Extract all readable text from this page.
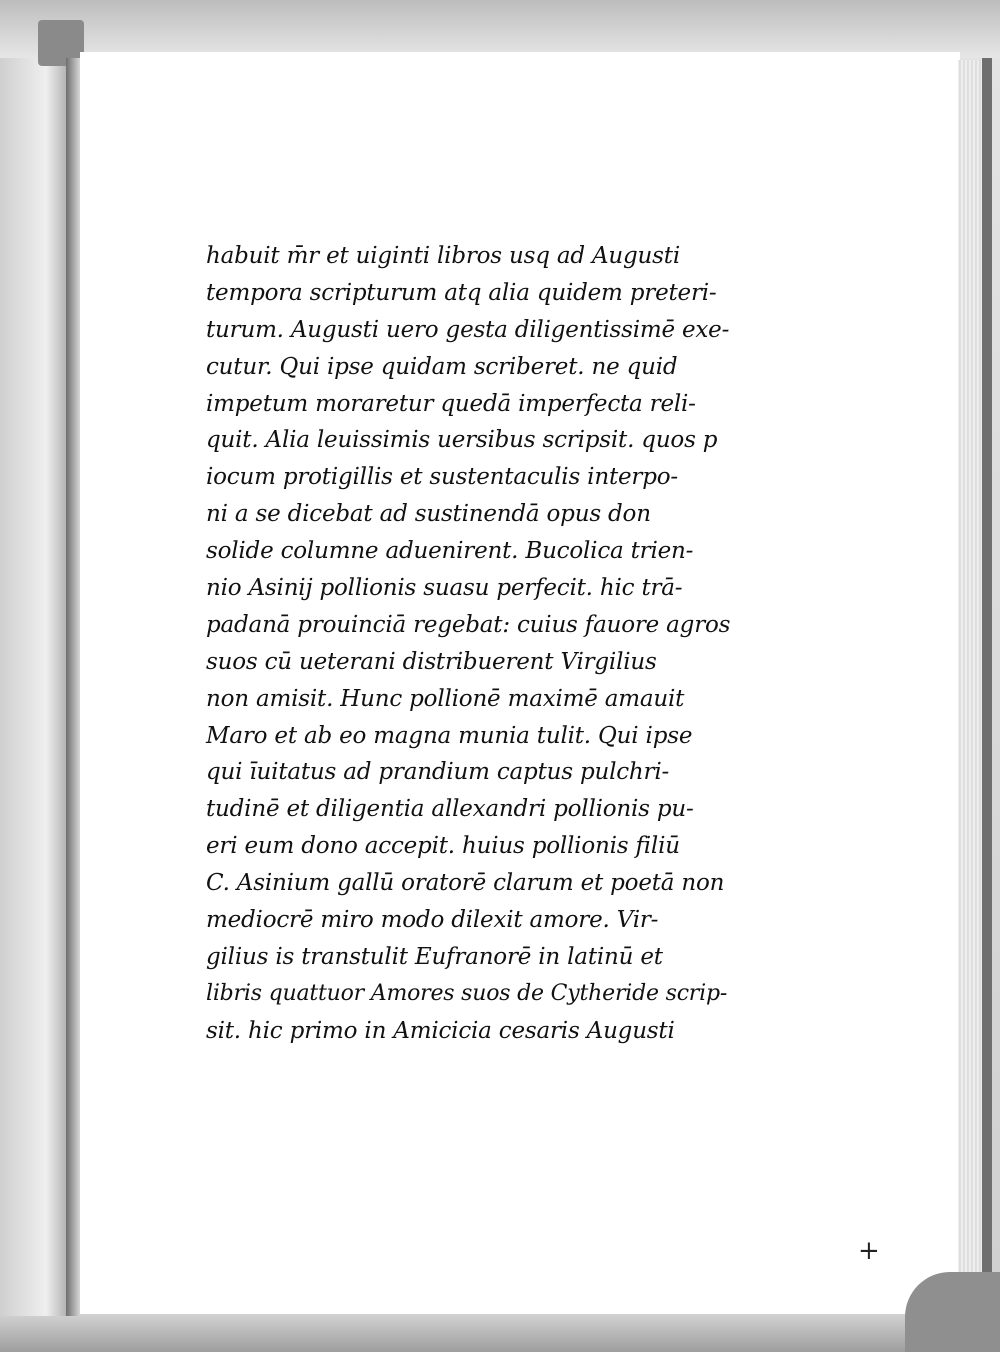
habuit m̄r et uiginti libros usq ad Augusti
tempora scripturum atq alia quidem preteri-
turum. Augusti uero gesta diligentissimē exe-
cutur. Qui ipse quidam scriberet. ne quid
impetum moraretur quedā imperfecta reli-
quit. Alia leuissimis uersibus scripsit. quos p
iocum protigillis et sustentaculis interpo-
ni a se dicebat ad sustinendā opus don
solide columne aduenirent. Bucolica trien-
nio Asinij pollionis suasu perfecit. hic trā-
padanā prouinciā regebat: cuius fauore agros
suos cū ueterani distribuerent Virgilius
non amisit. Hunc pollionē maximē amauit
Maro et ab eo magna munia tulit. Qui ipse
qui īuitatus ad prandium captus pulchri-
tudinē et diligentia allexandri pollionis pu-
eri eum dono accepit. huius pollionis filiū
C. Asinium gallū oratorē clarum et poetā non
mediocrē miro modo dilexit amore. Vir-
gilius is transtulit Eufranorē in latinū et
libris quattuor Amores suos de Cytheride scrip-
sit. hic primo in Amicicia cesaris Augusti
+
